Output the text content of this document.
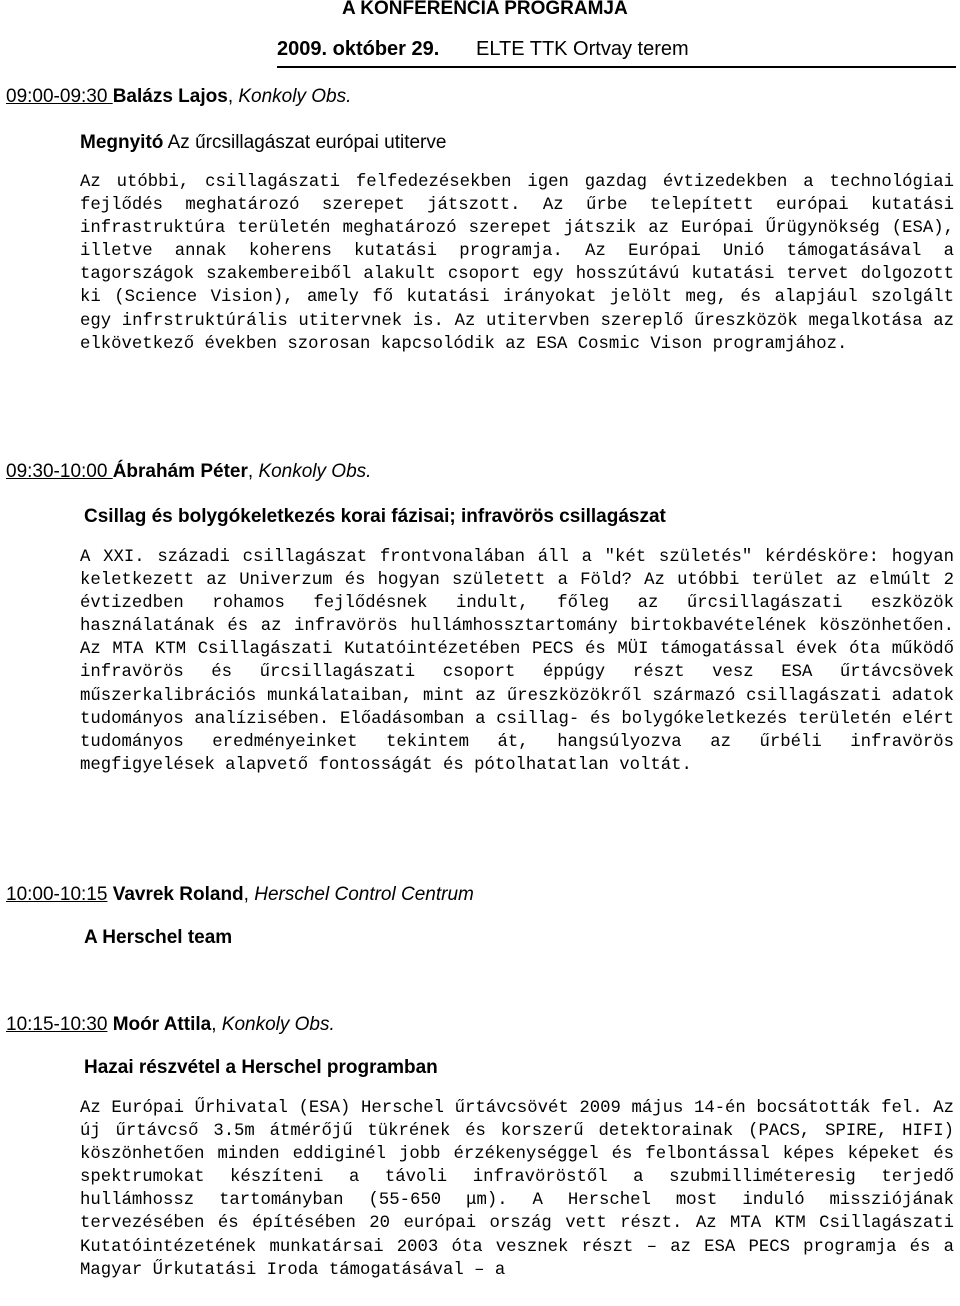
A KONFERENCIA PROGRAMJA
2009. október 29. ELTE TTK Ortvay terem
09:00-09:30 Balázs Lajos, Konkoly Obs.
Megnyitó Az űrcsillagászat európai utiterve
Az utóbbi, csillagászati felfedezésekben igen gazdag évtizedekben a technológiai fejlődés meghatározó szerepet játszott. Az űrbe telepített európai kutatási infrastruktúra területén meghatározó szerepet játszik az Európai Űrügynökség (ESA), illetve annak koherens kutatási programja. Az Európai Unió támogatásával a tagországok szakembereiből alakult csoport egy hosszútávú kutatási tervet dolgozott ki (Science Vision), amely fő kutatási irányokat jelölt meg, és alapjául szolgált egy infrstruktúrális utitervnek is. Az utitervben szereplő űreszközök megalkotása az elkövetkező években szorosan kapcsolódik az ESA Cosmic Vison programjához.
09:30-10:00 Ábrahám Péter, Konkoly Obs.
Csillag és bolygókeletkezés korai fázisai; infravörös csillagászat
A XXI. századi csillagászat frontvonalában áll a "két születés" kérdésköre: hogyan keletkezett az Univerzum és hogyan született a Föld? Az utóbbi terület az elmúlt 2 évtizedben rohamos fejlődésnek indult, főleg az űrcsillagászati eszközök használatának és az infravörös hullámhossztartomány birtokbavételének köszönhetően. Az MTA KTM Csillagászati Kutatóintézetében PECS és MÜI támogatással évek óta működő infravörös és űrcsillagászati csoport éppúgy részt vesz ESA űrtávcsövek műszerkalibrációs munkálataiban, mint az űreszközökről származó csillagászati adatok tudományos analízisében. Előadásomban a csillag- és bolygókeletkezés területén elért tudományos eredményeinket tekintem át, hangsúlyozva az űrbéli infravörös megfigyelések alapvető fontosságát és pótolhatatlan voltát.
10:00-10:15 Vavrek Roland, Herschel Control Centrum
A Herschel team
10:15-10:30 Moór Attila, Konkoly Obs.
Hazai részvétel a Herschel programban
Az Európai Űrhivatal (ESA) Herschel űrtávcsövét 2009 május 14-én bocsátották fel. Az új űrtávcső 3.5m átmérőjű tükrének és korszerű detektorainak (PACS, SPIRE, HIFI) köszönhetően minden eddiginél jobb érzékenységgel és felbontással képes képeket és spektrumokat készíteni a távoli infravöröstől a szubmilliméteresig terjedő hullámhossz tartományban (55-650 μm). A Herschel most induló missziójának tervezésében és építésében 20 európai ország vett részt. Az MTA KTM Csillagászati Kutatóintézetének munkatársai 2003 óta vesznek részt – az ESA PECS programja és a Magyar Űrkutatási Iroda támogatásával – a
